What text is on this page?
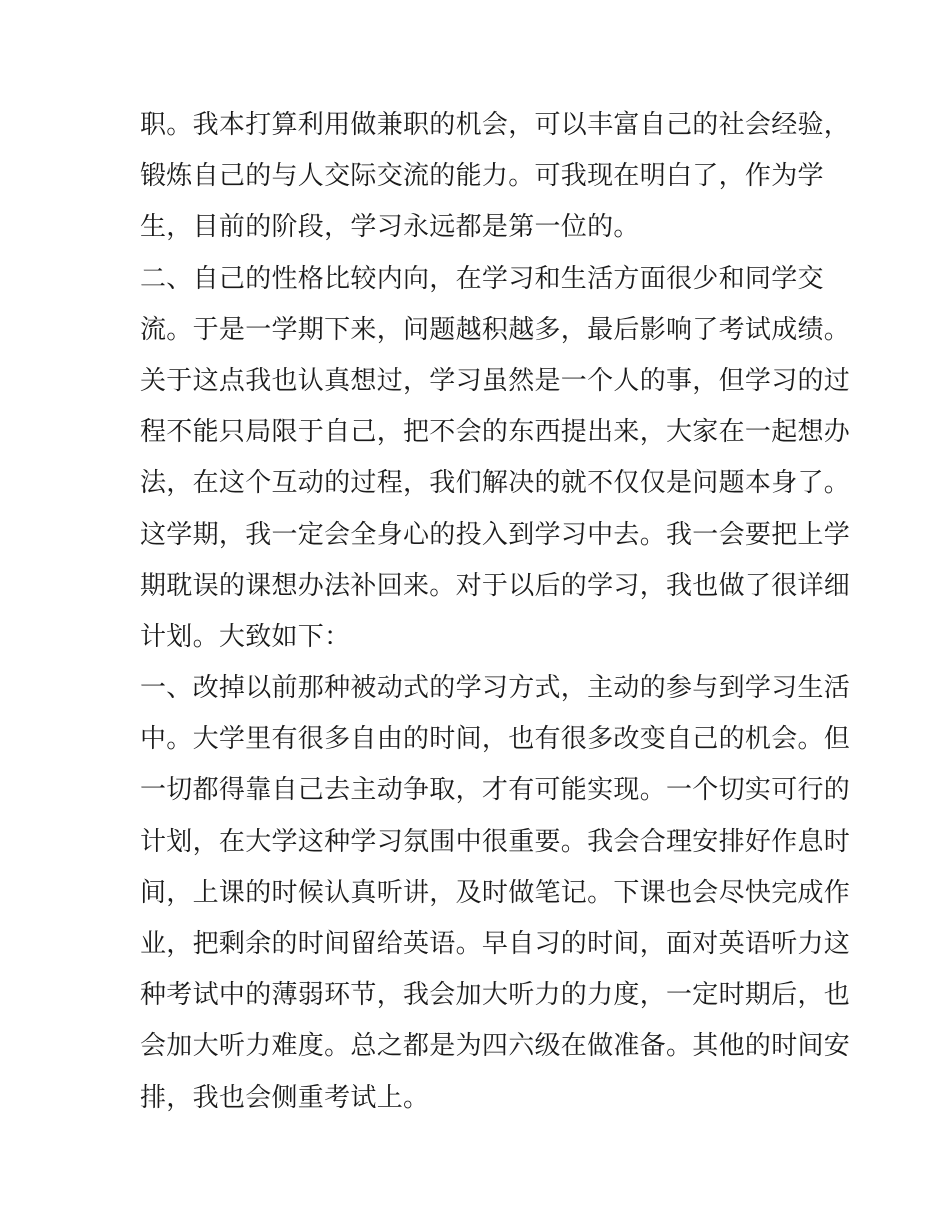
职。我本打算利用做兼职的机会，可以丰富自己的社会经验，
锻炼自己的与人交际交流的能力。可我现在明白了，作为学
生，目前的阶段，学习永远都是第一位的。
二、自己的性格比较内向，在学习和生活方面很少和同学交
流。于是一学期下来，问题越积越多，最后影响了考试成绩。
关于这点我也认真想过，学习虽然是一个人的事，但学习的过
程不能只局限于自己，把不会的东西提出来，大家在一起想办
法，在这个互动的过程，我们解决的就不仅仅是问题本身了。
这学期，我一定会全身心的投入到学习中去。我一会要把上学
期耽误的课想办法补回来。对于以后的学习，我也做了很详细
计划。大致如下：
一、改掉以前那种被动式的学习方式，主动的参与到学习生活
中。大学里有很多自由的时间，也有很多改变自己的机会。但
一切都得靠自己去主动争取，才有可能实现。一个切实可行的
计划，在大学这种学习氛围中很重要。我会合理安排好作息时
间，上课的时候认真听讲，及时做笔记。下课也会尽快完成作
业，把剩余的时间留给英语。早自习的时间，面对英语听力这
种考试中的薄弱环节，我会加大听力的力度，一定时期后，也
会加大听力难度。总之都是为四六级在做准备。其他的时间安
排，我也会侧重考试上。
